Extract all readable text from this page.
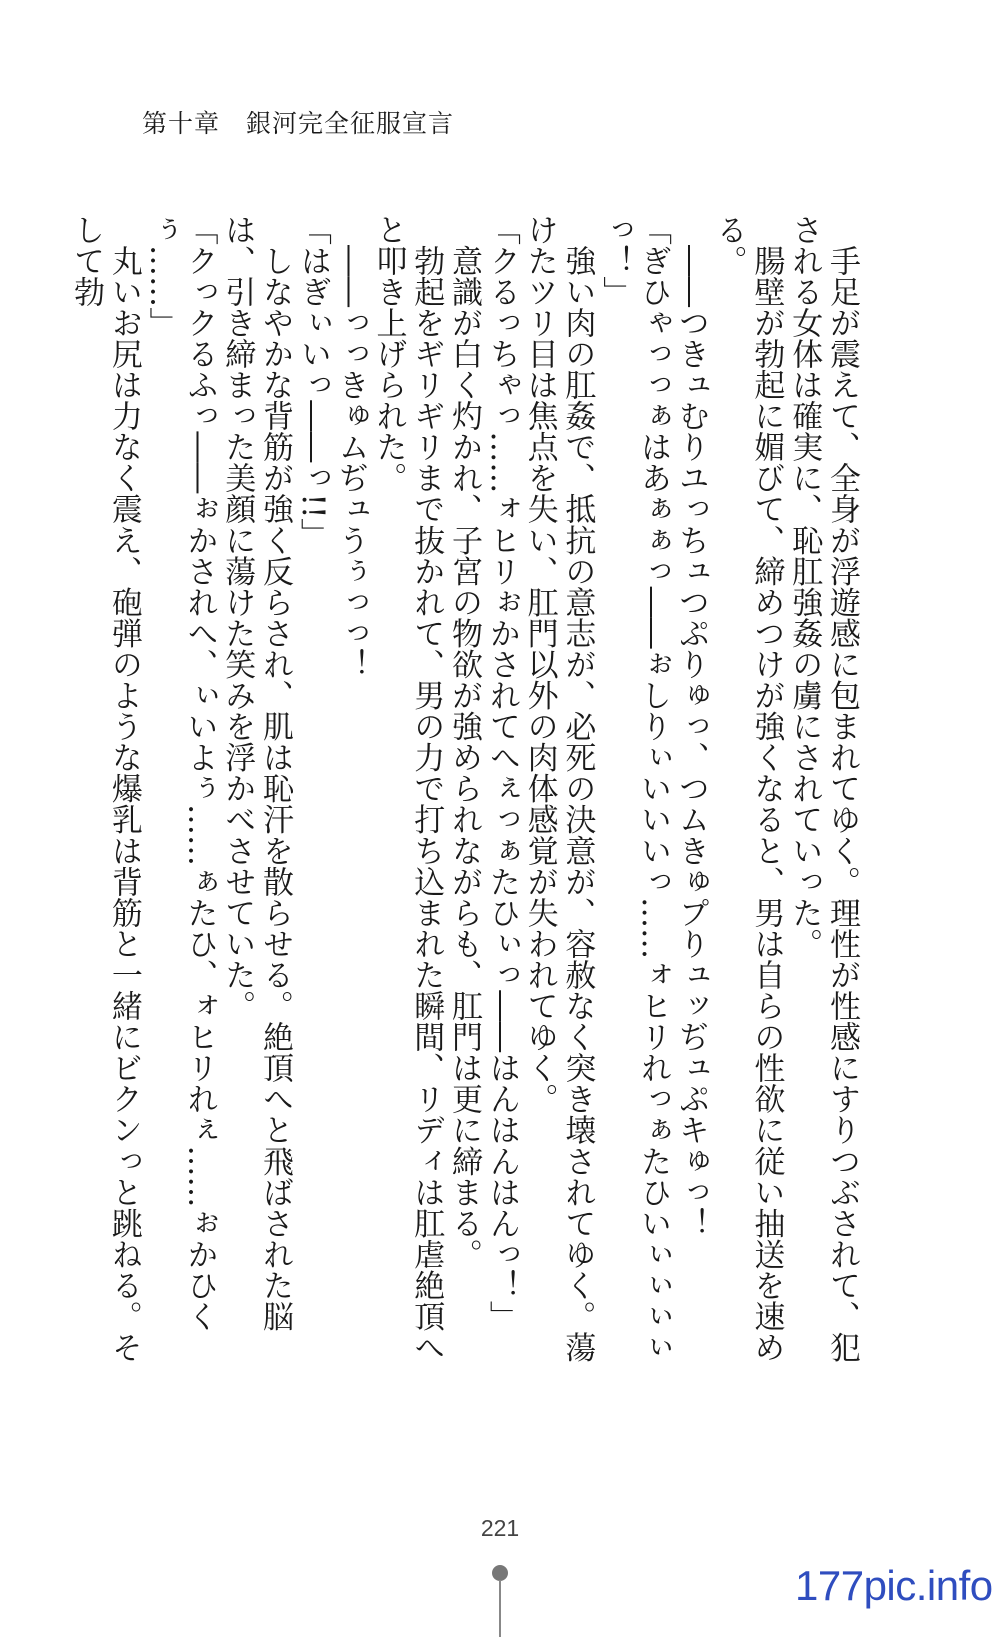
第十章　銀河完全征服宣言

　手足が震えて、全身が浮遊感に包まれてゆく。理性が性感にすりつぶされて、犯される女体は確実に、恥肛強姦の虜にされていった。

　腸壁が勃起に媚びて、締めつけが強くなると、男は自らの性欲に従い抽送を速める。

　――つきュむりユっちュつぷりゅっ、つムきゅプりュッぢュぷキゅっ！

「ぎひゃっっぁはあぁぁっ――ぉしりぃいいいっ……ォヒリれっぁたひいぃぃぃぃっ！」

　強い肉の肛姦で、抵抗の意志が、必死の決意が、容赦なく突き壊されてゆく。蕩けたツリ目は焦点を失い、肛門以外の肉体感覚が失われてゆく。

「クるっちゃっ……ォヒリぉかされてへぇっぁたひぃっ――はんはんはんっ！」

　意識が白く灼かれ、子宮の物欲が強められながらも、肛門は更に締まる。

　勃起をギリギリまで抜かれて、男の力で打ち込まれた瞬間、リディは肛虐絶頂へと叩き上げられた。

　――っっきゅムぢュうぅっっ！

「はぎぃいっ――っ!!」

　しなやかな背筋が強く反らされ、肌は恥汗を散らせる。絶頂へと飛ばされた脳は、引き締まった美顔に蕩けた笑みを浮かべさせていた。

「クっクるふっ――ぉかされへ、ぃいよぅ……ぁたひ、ォヒリれぇ……ぉかひくぅ……」

　丸いお尻は力なく震え、砲弾のような爆乳は背筋と一緒にビクンっと跳ねる。そして勃

221
177pic.info
